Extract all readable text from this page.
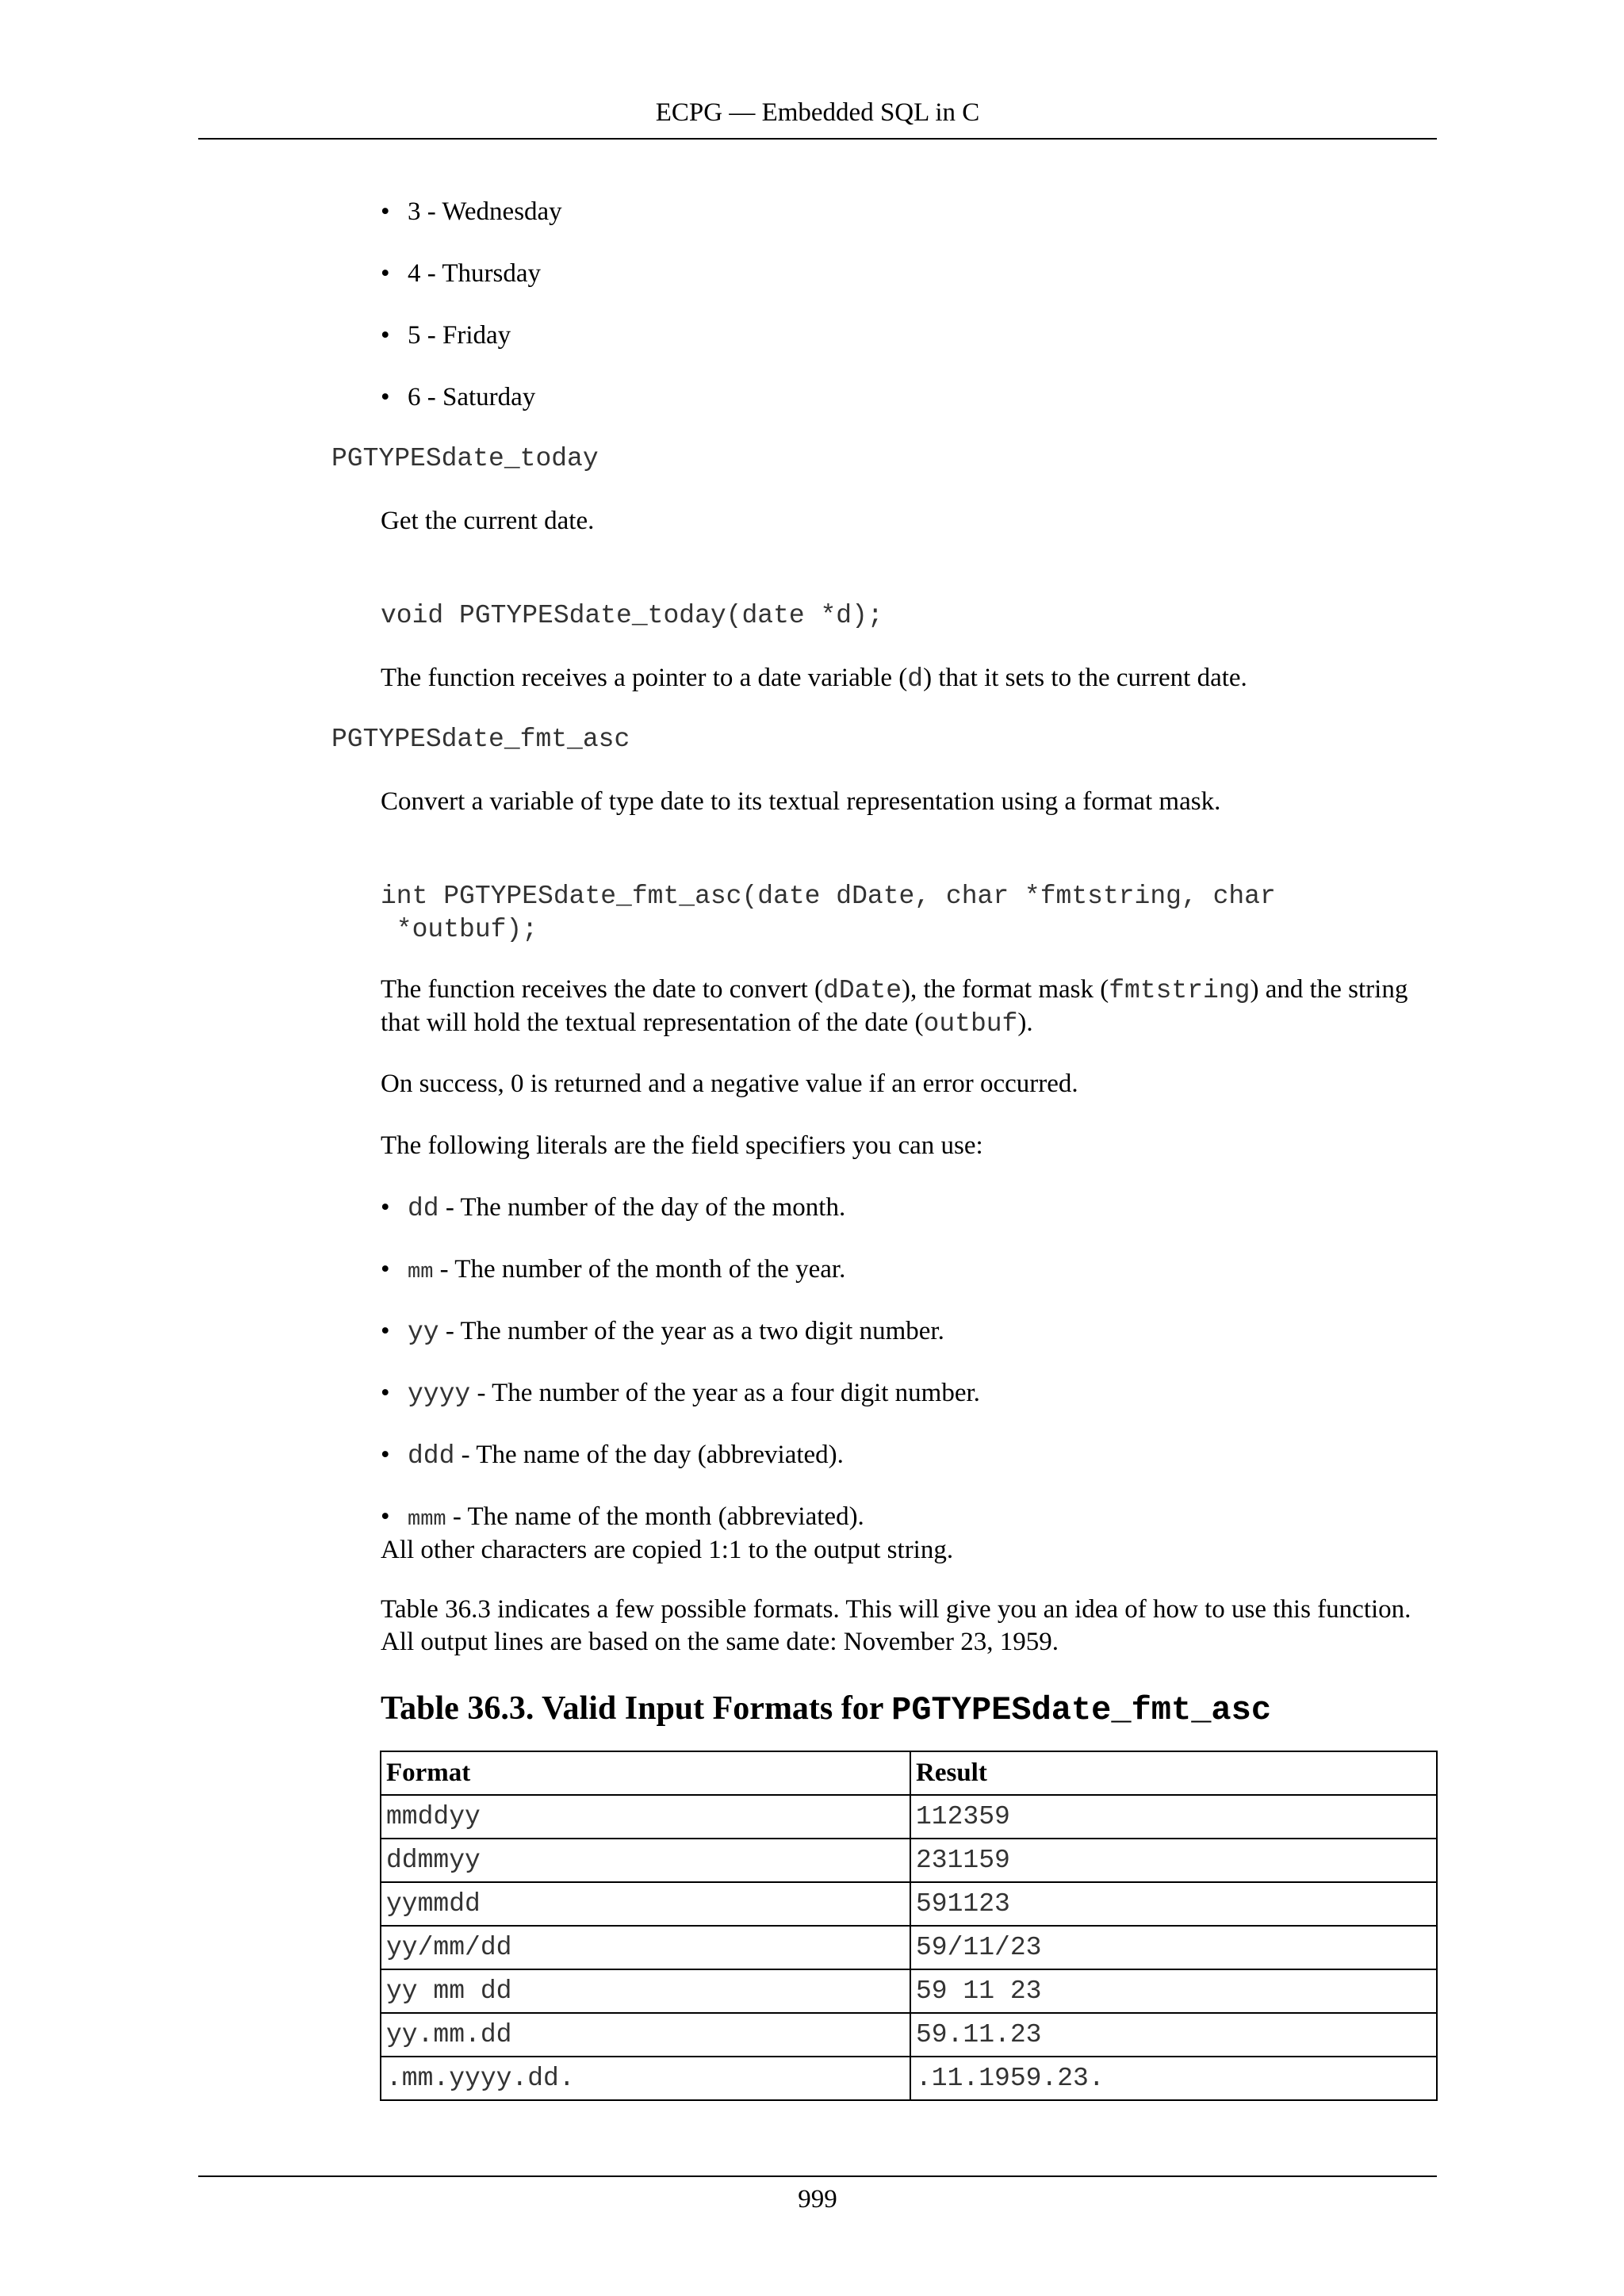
ECPG — Embedded SQL in C
• 3 - Wednesday
• 4 - Thursday
• 5 - Friday
• 6 - Saturday
PGTYPESdate_today
Get the current date.
void PGTYPESdate_today(date *d);
The function receives a pointer to a date variable (d) that it sets to the current date.
PGTYPESdate_fmt_asc
Convert a variable of type date to its textual representation using a format mask.
int PGTYPESdate_fmt_asc(date dDate, char *fmtstring, char
*outbuf);
The function receives the date to convert (dDate), the format mask (fmtstring) and the string that will hold the textual representation of the date (outbuf).
On success, 0 is returned and a negative value if an error occurred.
The following literals are the field specifiers you can use:
• dd - The number of the day of the month.
• mm - The number of the month of the year.
• yy - The number of the year as a two digit number.
• yyyy - The number of the year as a four digit number.
• ddd - The name of the day (abbreviated).
• mmm - The name of the month (abbreviated).
All other characters are copied 1:1 to the output string.
Table 36.3 indicates a few possible formats. This will give you an idea of how to use this function. All output lines are based on the same date: November 23, 1959.
Table 36.3. Valid Input Formats for PGTYPESdate_fmt_asc
Format	Result
mmddyy	112359
ddmmyy	231159
yymmdd	591123
yy/mm/dd	59/11/23
yy mm dd	59 11 23
yy.mm.dd	59.11.23
.mm.yyyy.dd.	.11.1959.23.
999
